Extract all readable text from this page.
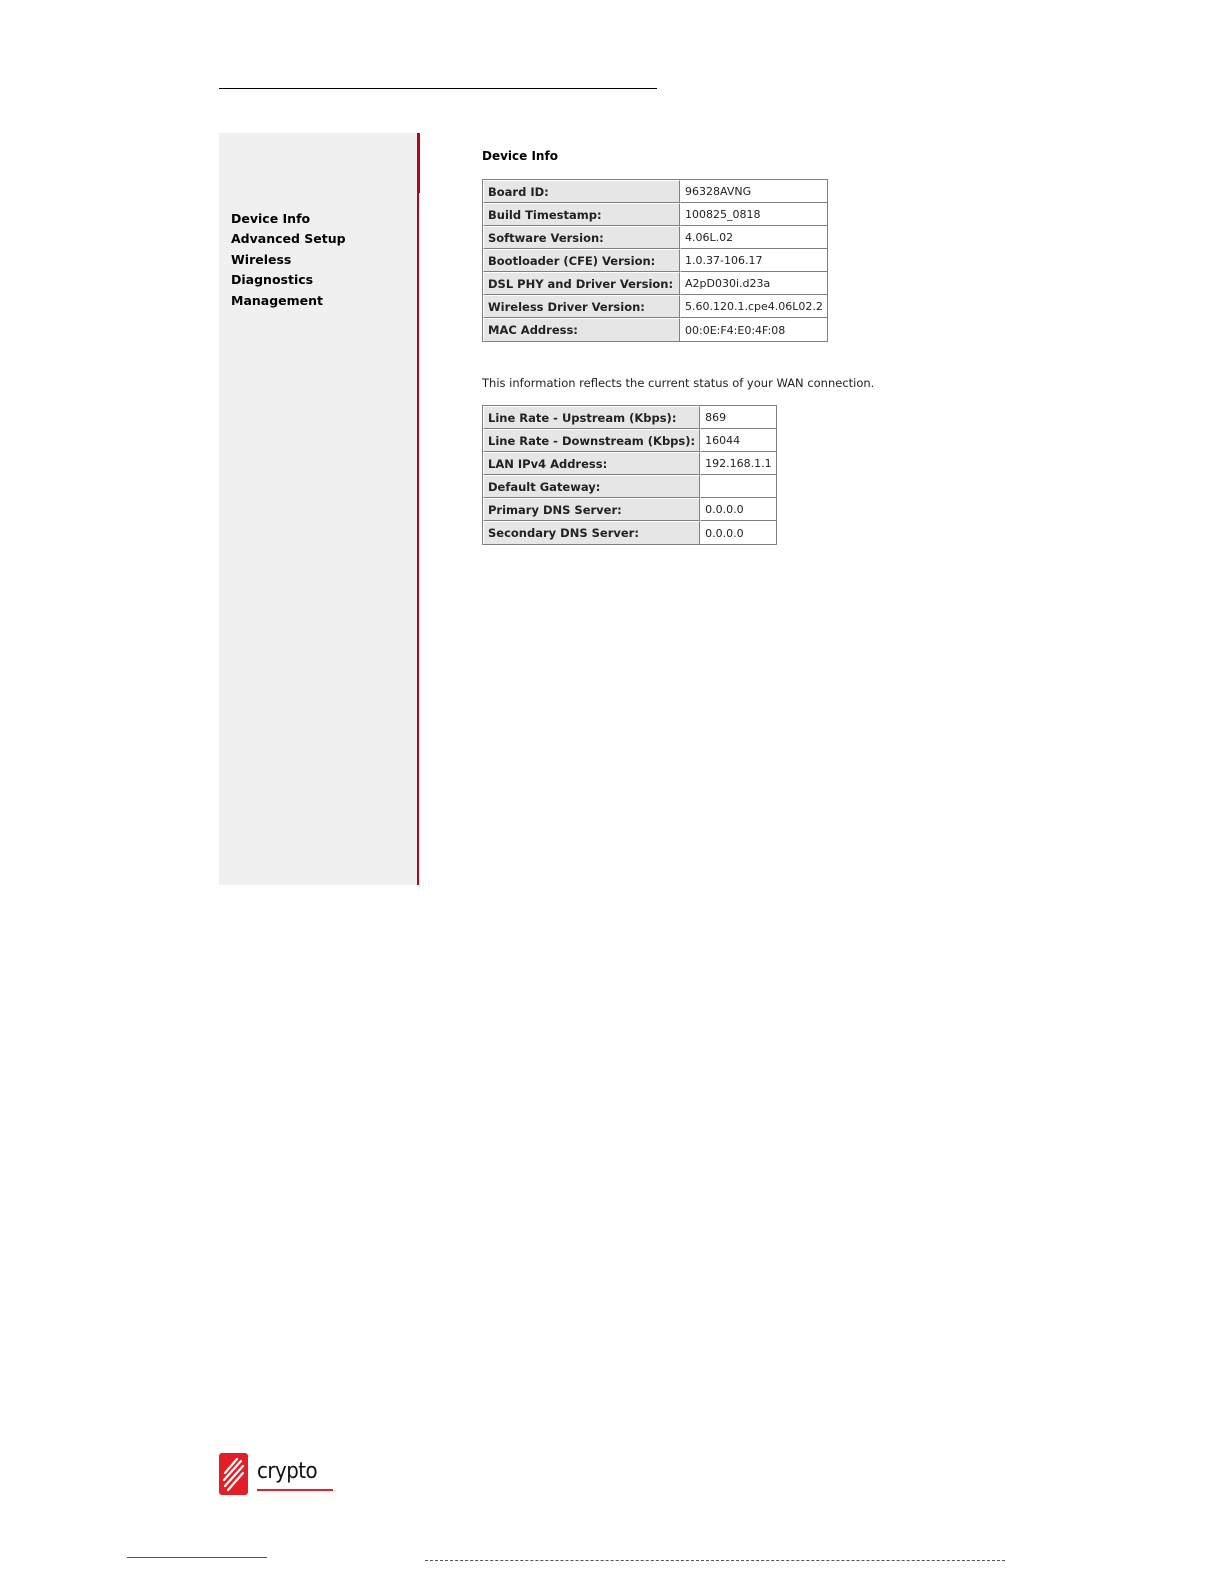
Device Info
Advanced Setup
Wireless
Diagnostics
Management
Device Info
Board ID:	96328AVNG
Build Timestamp:	100825_0818
Software Version:	4.06L.02
Bootloader (CFE) Version:	1.0.37-106.17
DSL PHY and Driver Version:	A2pD030i.d23a
Wireless Driver Version:	5.60.120.1.cpe4.06L02.2
MAC Address:	00:0E:F4:E0:4F:08

This information reflects the current status of your WAN connection.

Line Rate - Upstream (Kbps):	869
Line Rate - Downstream (Kbps):	16044
LAN IPv4 Address:	192.168.1.1
Default Gateway:	
Primary DNS Server:	0.0.0.0
Secondary DNS Server:	0.0.0.0
crypto
